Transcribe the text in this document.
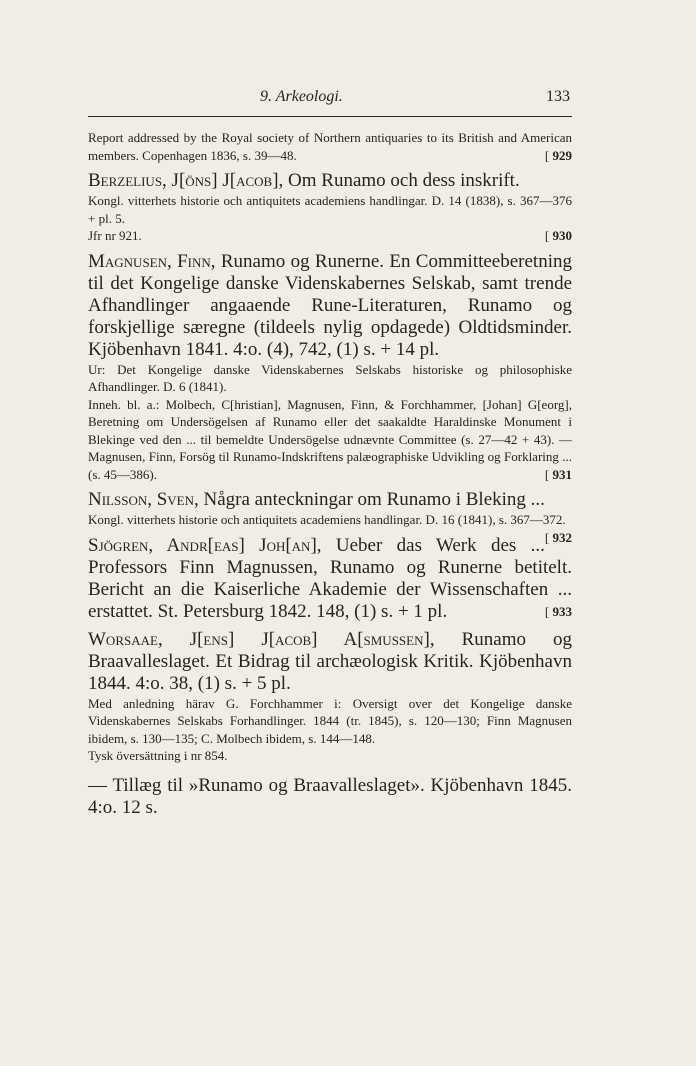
9. Arkeologi.	133
Report addressed by the Royal society of Northern antiquaries to its British and American members. Copenhagen 1836, s. 39—48.	[ 929

Berzelius, J[öns] J[acob], Om Runamo och dess inskrift.

Kongl. vitterhets historie och antiquitets academiens handlingar. D. 14 (1838), s. 367—376 + pl. 5.

Jfr nr 921.	[ 930

Magnusen, Finn, Runamo og Runerne. En Committeeberetning til det Kongelige danske Videnskabernes Selskab, samt trende Afhandlinger angaaende Rune-Literaturen, Runamo og forskjellige særegne (tildeels nylig opdagede) Oldtidsminder. Kjöbenhavn 1841. 4:o. (4), 742, (1) s. + 14 pl.

Ur: Det Kongelige danske Videnskabernes Selskabs historiske og philosophiske Afhandlinger. D. 6 (1841).

Inneh. bl. a.: Molbech, C[hristian], Magnusen, Finn, & Forchhammer, [Johan] G[eorg], Beretning om Undersögelsen af Runamo eller det saakaldte Haraldinske Monument i Blekinge ved den ... til bemeldte Undersögelse udnævnte Committee (s. 27—42 + 43). — Magnusen, Finn, Forsög til Runamo-Indskriftens palæographiske Udvikling og Forklaring ... (s. 45—386).	[ 931

Nilsson, Sven, Några anteckningar om Runamo i Bleking ...

Kongl. vitterhets historie och antiquitets academiens handlingar. D. 16 (1841), s. 367—372.
[ 932

Sjögren, Andr[eas] Joh[an], Ueber das Werk des ... Professors Finn Magnussen, Runamo og Runerne betitelt. Bericht an die Kaiserliche Akademie der Wissenschaften ... erstattet. St. Petersburg 1842. 148, (1) s. + 1 pl.	[ 933

Worsaae, J[ens] J[acob] A[smussen], Runamo og Braavalleslaget. Et Bidrag til archæologisk Kritik. Kjöbenhavn 1844. 4:o. 38, (1) s. + 5 pl.

Med anledning härav G. Forchhammer i: Oversigt over det Kongelige danske Videnskabernes Selskabs Forhandlinger. 1844 (tr. 1845), s. 120—130; Finn Magnusen ibidem, s. 130—135; C. Molbech ibidem, s. 144—148.

Tysk översättning i nr 854.

— Tillæg til »Runamo og Braavalleslaget». Kjöbenhavn 1845. 4:o. 12 s.
